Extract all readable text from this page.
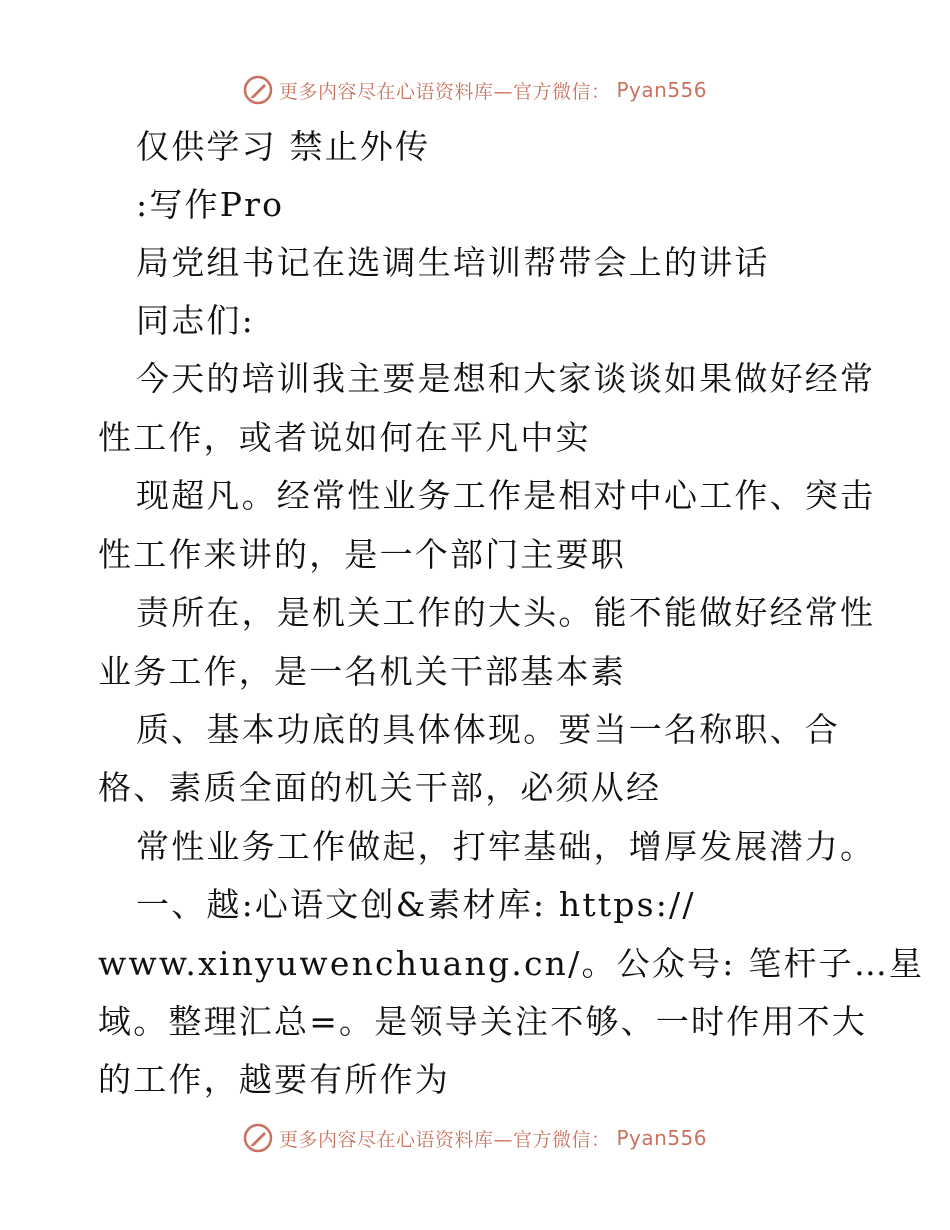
更多内容尽在心语资料库—官方微信： Pyan556
仅供学习 禁止外传
:写作Pro
局党组书记在选调生培训帮带会上的讲话
同志们:
今天的培训我主要是想和大家谈谈如果做好经常
性工作，或者说如何在平凡中实
现超凡。经常性业务工作是相对中心工作、突击
性工作来讲的，是一个部门主要职
责所在，是机关工作的大头。能不能做好经常性
业务工作，是一名机关干部基本素
质、基本功底的具体体现。要当一名称职、合
格、素质全面的机关干部，必须从经
常性业务工作做起，打牢基础，增厚发展潜力。
一、越:心语文创&素材库: https://
www.xinyuwenchuang.cn/。公众号: 笔杆子…星
域。整理汇总=。是领导关注不够、一时作用不大
的工作，越要有所作为
更多内容尽在心语资料库—官方微信： Pyan556
